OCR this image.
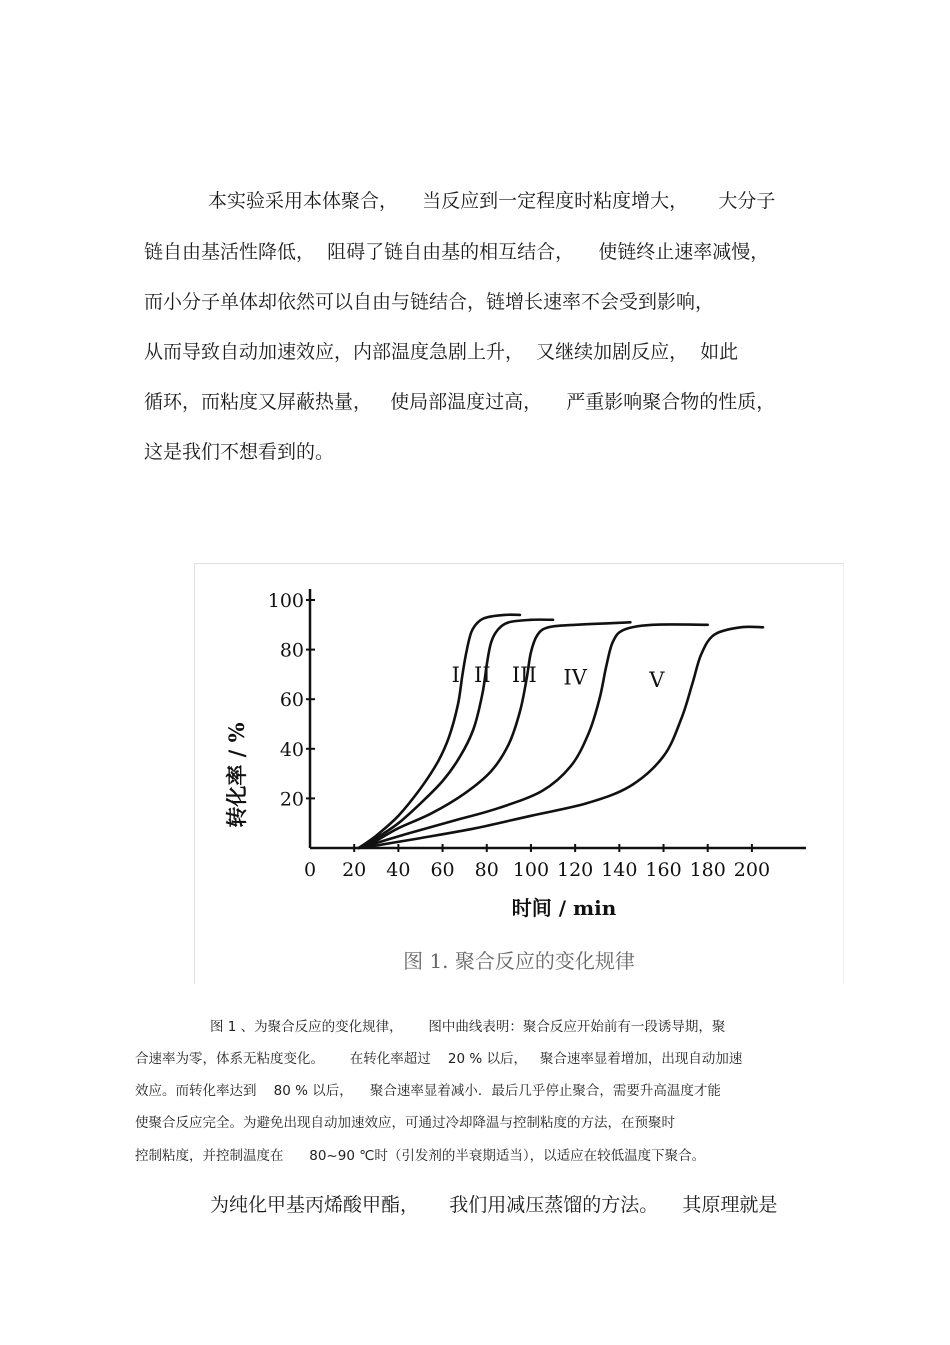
本实验采用本体聚合，    当反应到一定程度时粘度增大，     大分子
链自由基活性降低，  阻碍了链自由基的相互结合，    使链终止速率减慢，
而小分子单体却依然可以自由与链结合，链增长速率不会受到影响，
从而导致自动加速效应，内部温度急剧上升，  又继续加剧反应，  如此
循环，而粘度又屏蔽热量，   使局部温度过高，    严重影响聚合物的性质，
这是我们不想看到的。
0 20 40 60 80 100 120 140 160 180 200
20
40
60
80
100
I II III IV	V
转化率 / %
时间 / min
图 1. 聚合反应的变化规律
图 1 、为聚合反应的变化规律，      图中曲线表明：聚合反应开始前有一段诱导期，聚
合速率为零，体系无粘度变化。      在转化率超过    20 % 以后，   聚合速率显着增加，出现自动加速
效应。而转化率达到    80 % 以后，    聚合速率显着减小．最后几乎停止聚合，需要升高温度才能
使聚合反应完全。为避免出现自动加速效应，可通过冷却降温与控制粘度的方法，在预聚时
控制粘度，并控制温度在      80~90 ℃时（引发剂的半衰期适当），以适应在较低温度下聚合。
为纯化甲基丙烯酸甲酯，     我们用减压蒸馏的方法。    其原理就是
